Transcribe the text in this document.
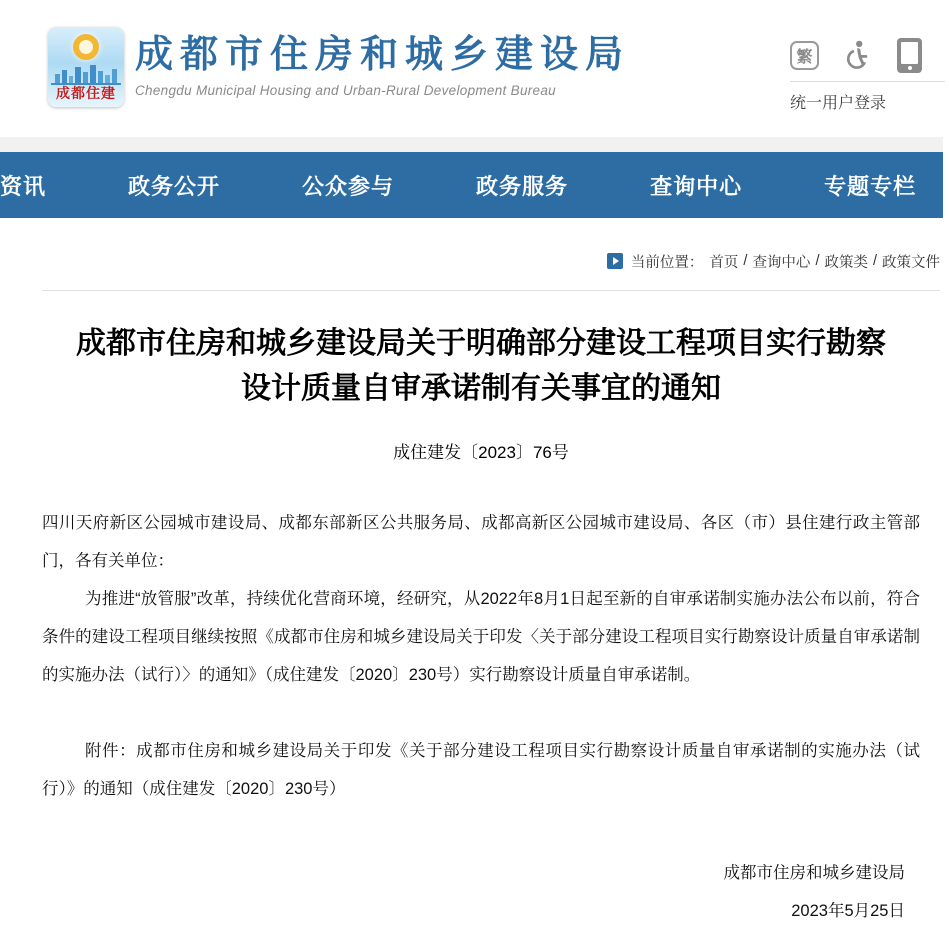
成都住建
成都市住房和城乡建设局
Chengdu Municipal Housing and Urban-Rural Development Bureau
繁
统一用户登录
资讯	政务公开	公众参与	政务服务	查询中心	专题专栏
当前位置： 首页 / 查询中心 / 政策类 / 政策文件
成都市住房和城乡建设局关于明确部分建设工程项目实行勘察
设计质量自审承诺制有关事宜的通知
成住建发〔2023〕76号

四川天府新区公园城市建设局、成都东部新区公共服务局、成都高新区公园城市建设局、各区（市）县住建行政主管部门，各有关单位：

为推进“放管服”改革，持续优化营商环境，经研究，从2022年8月1日起至新的自审承诺制实施办法公布以前，符合条件的建设工程项目继续按照《成都市住房和城乡建设局关于印发〈关于部分建设工程项目实行勘察设计质量自审承诺制的实施办法（试行）〉的通知》（成住建发〔2020〕230号）实行勘察设计质量自审承诺制。

附件：成都市住房和城乡建设局关于印发《关于部分建设工程项目实行勘察设计质量自审承诺制的实施办法（试行）》的通知（成住建发〔2020〕230号）

成都市住房和城乡建设局
2023年5月25日
